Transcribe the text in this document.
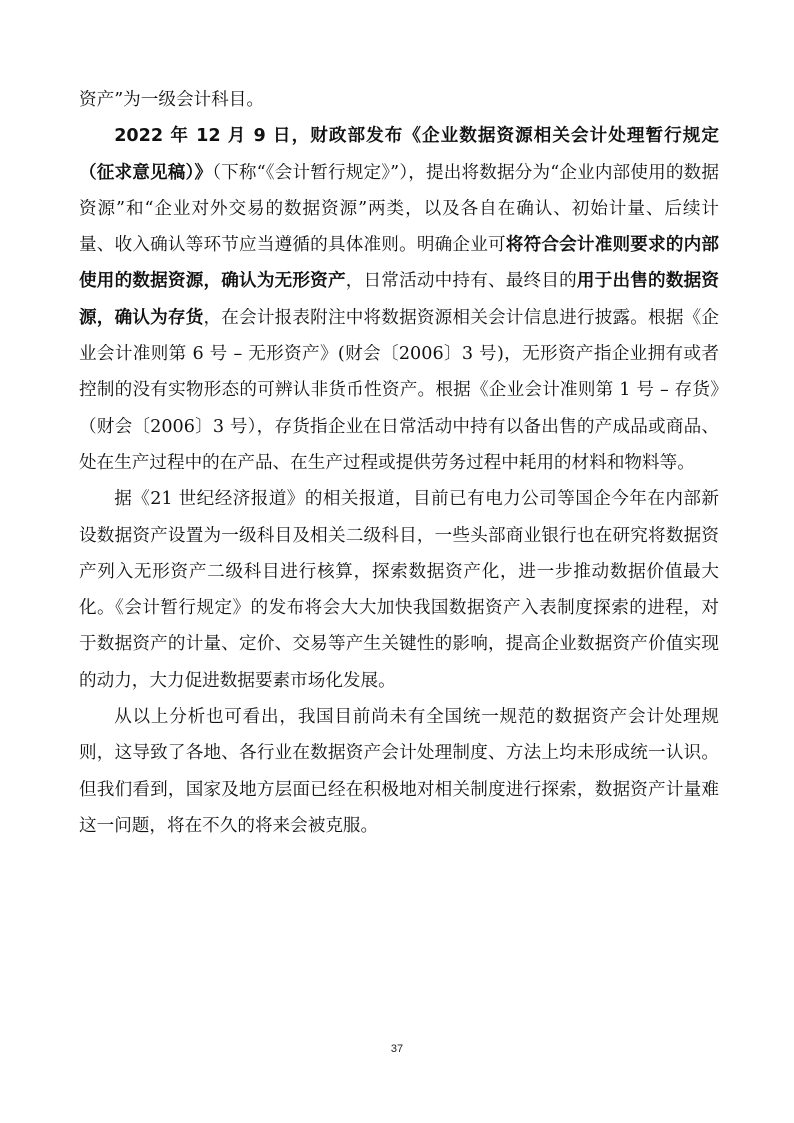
资产”为一级会计科目。

2022 年 12 月 9 日，财政部发布《企业数据资源相关会计处理暂行规定（征求意见稿）》（下称“《会计暂行规定》”），提出将数据分为“企业内部使用的数据资源”和“企业对外交易的数据资源”两类，以及各自在确认、初始计量、后续计量、收入确认等环节应当遵循的具体准则。明确企业可将符合会计准则要求的内部使用的数据资源，确认为无形资产，日常活动中持有、最终目的用于出售的数据资源，确认为存货，在会计报表附注中将数据资源相关会计信息进行披露。根据《企业会计准则第 6 号 – 无形资产》(财会〔2006〕3 号)，无形资产指企业拥有或者控制的没有实物形态的可辨认非货币性资产。根据《企业会计准则第 1 号 – 存货》（财会〔2006〕3 号），存货指企业在日常活动中持有以备出售的产成品或商品、处在生产过程中的在产品、在生产过程或提供劳务过程中耗用的材料和物料等。

据《21 世纪经济报道》的相关报道，目前已有电力公司等国企今年在内部新设数据资产设置为一级科目及相关二级科目，一些头部商业银行也在研究将数据资产列入无形资产二级科目进行核算，探索数据资产化，进一步推动数据价值最大化。《会计暂行规定》的发布将会大大加快我国数据资产入表制度探索的进程，对于数据资产的计量、定价、交易等产生关键性的影响，提高企业数据资产价值实现的动力，大力促进数据要素市场化发展。

从以上分析也可看出，我国目前尚未有全国统一规范的数据资产会计处理规则，这导致了各地、各行业在数据资产会计处理制度、方法上均未形成统一认识。但我们看到，国家及地方层面已经在积极地对相关制度进行探索，数据资产计量难这一问题，将在不久的将来会被克服。

37
